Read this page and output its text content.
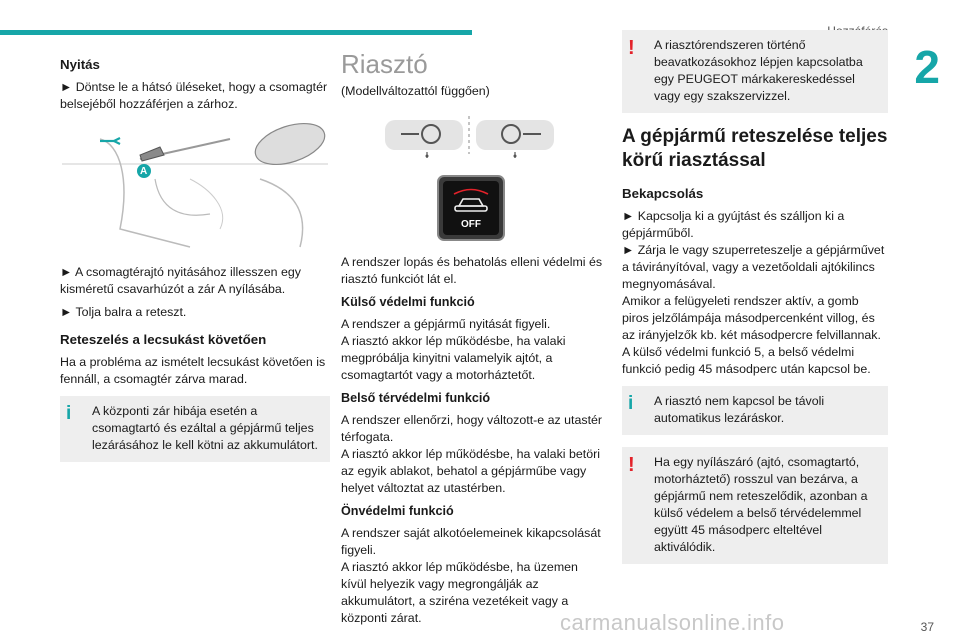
2
Nyitás

► Döntse le a hátsó üléseket, hogy a csomagtér belsejéből hozzáférjen a zárhoz.

A

► A csomagtérajtó nyitásához illesszen egy kisméretű csavarhúzót a zár A nyílásába.

► Tolja balra a reteszt.

Reteszelés a lecsukást követően

Ha a probléma az ismételt lecsukást követően is fennáll, a csomagtér zárva marad.

i	A központi zár hibája esetén a csomagtartó és ezáltal a gépjármű teljes lezárásához le kell kötni az akkumulátort.
Riasztó

(Modellváltozattól függően)

OFF

A rendszer lopás és behatolás elleni védelmi és riasztó funkciót lát el.

Külső védelmi funkció

A rendszer a gépjármű nyitását figyeli.

A riasztó akkor lép működésbe, ha valaki megpróbálja kinyitni valamelyik ajtót, a csomagtartót vagy a motorháztetőt.

Belső térvédelmi funkció

A rendszer ellenőrzi, hogy változott-e az utastér térfogata.

A riasztó akkor lép működésbe, ha valaki betöri az egyik ablakot, behatol a gépjárműbe vagy helyet változtat az utastérben.

Önvédelmi funkció

A rendszer saját alkotóelemeinek kikapcsolását figyeli.

A riasztó akkor lép működésbe, ha üzemen kívül helyezik vagy megrongálják az akkumulátort, a sziréna vezetékeit vagy a központi zárat.

!	A riasztórendszeren történő beavatkozásokhoz lépjen kapcsolatba egy PEUGEOT márkakereskedéssel vagy egy szakszervizzel.
A gépjármű reteszelése teljes körű riasztással
Bekapcsolás

► Kapcsolja ki a gyújtást és szálljon ki a gépjárműből.

► Zárja le vagy szuperreteszelje a gépjárművet a távirányítóval, vagy a vezetőoldali ajtókilincs megnyomásával.

Amikor a felügyeleti rendszer aktív, a gomb piros jelzőlámpája másodpercenként villog, és az irányjelzők kb. két másodpercre felvillannak.

A külső védelmi funkció 5, a belső védelmi funkció pedig 45 másodperc után kapcsol be.

i	A riasztó nem kapcsol be távoli automatikus lezáráskor.
!	Ha egy nyílászáró (ajtó, csomagtartó, motorháztető) rosszul van bezárva, a gépjármű nem reteszelődik, azonban a külső védelem a belső térvédelemmel együtt 45 másodperc elteltével aktiválódik.
carmanualsonline.info	37
